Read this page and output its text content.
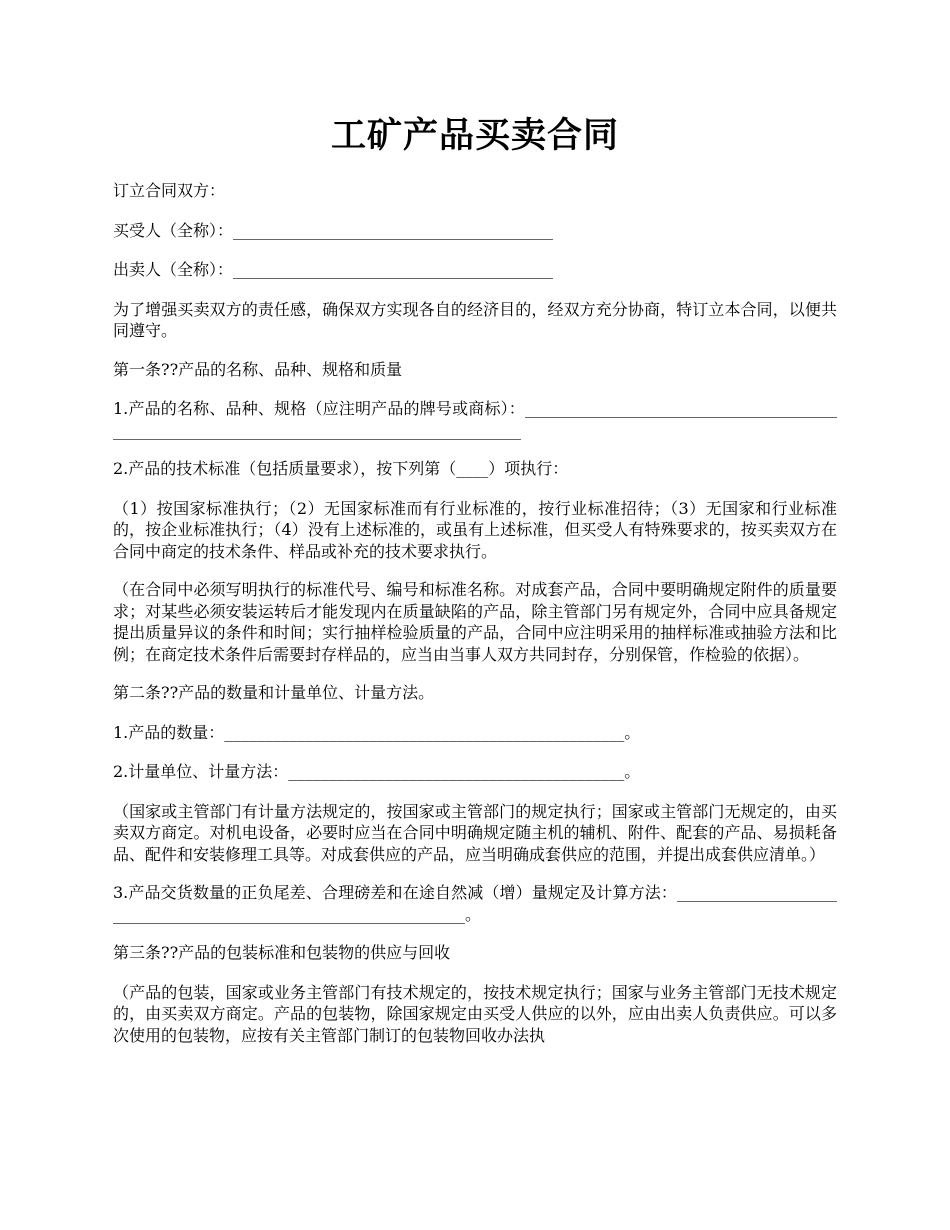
工矿产品买卖合同

订立合同双方：

买受人（全称）：________________________________________

出卖人（全称）：________________________________________

为了增强买卖双方的责任感，确保双方实现各自的经济目的，经双方充分协商，特订立本合同，以便共同遵守。

第一条??产品的名称、品种、规格和质量

1.产品的名称、品种、规格（应注明产品的牌号或商标）：__________________________________________________________________________________________

2.产品的技术标准（包括质量要求），按下列第（____）项执行：

（1）按国家标准执行；（2）无国家标准而有行业标准的，按行业标准招待；（3）无国家和行业标准的，按企业标准执行；（4）没有上述标准的，或虽有上述标准，但买受人有特殊要求的，按买卖双方在合同中商定的技术条件、样品或补充的技术要求执行。

（在合同中必须写明执行的标准代号、编号和标准名称。对成套产品，合同中要明确规定附件的质量要求；对某些必须安装运转后才能发现内在质量缺陷的产品，除主管部门另有规定外，合同中应具备规定提出质量异议的条件和时间；实行抽样检验质量的产品，合同中应注明采用的抽样标准或抽验方法和比例；在商定技术条件后需要封存样品的，应当由当事人双方共同封存，分别保管，作检验的依据）。

第二条??产品的数量和计量单位、计量方法。

1.产品的数量：__________________________________________________。

2.计量单位、计量方法：__________________________________________。

（国家或主管部门有计量方法规定的，按国家或主管部门的规定执行；国家或主管部门无规定的，由买卖双方商定。对机电设备，必要时应当在合同中明确规定随主机的辅机、附件、配套的产品、易损耗备品、配件和安装修理工具等。对成套供应的产品，应当明确成套供应的范围，并提出成套供应清单。）

3.产品交货数量的正负尾差、合理磅差和在途自然减（增）量规定及计算方法：________________________________________________________________。

第三条??产品的包装标准和包装物的供应与回收

（产品的包装，国家或业务主管部门有技术规定的，按技术规定执行；国家与业务主管部门无技术规定的，由买卖双方商定。产品的包装物，除国家规定由买受人供应的以外，应由出卖人负责供应。可以多次使用的包装物，应按有关主管部门制订的包装物回收办法执
